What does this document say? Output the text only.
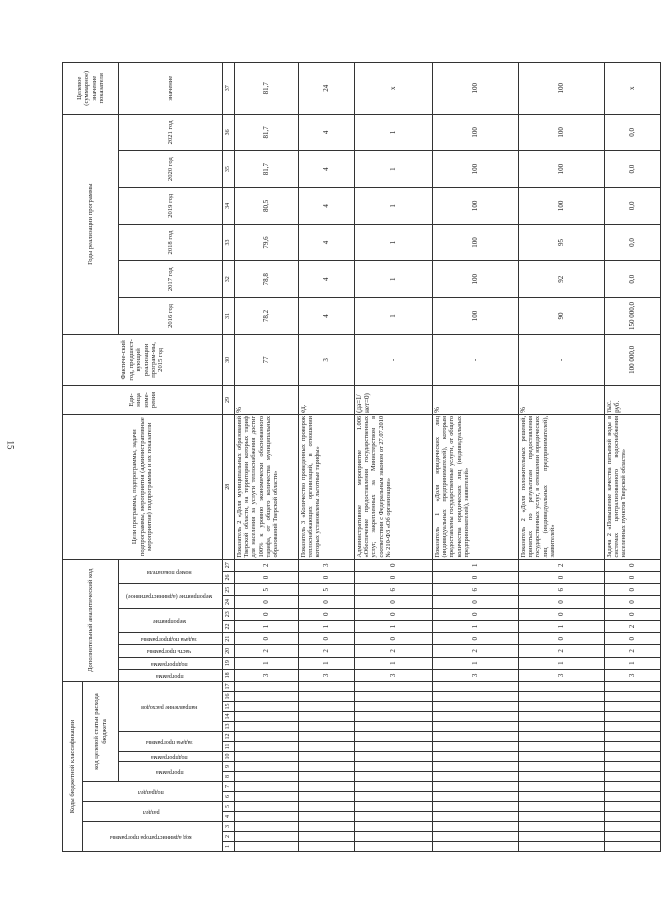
15
Коды бюджетной классификации																	Дополнительный аналитический код										Цели программы, подпрограммы, задачи подпрограммы, мероприятия (административные мероприятия) подпрограммы и их показатели	Еди-ница изме-рения	Фактиче-ский год, предшест-вующий реализации програм-мы, 2015 год	Годы реализации программы						Целевое (суммарное) значение показателя
код администратора программы			раздел		подраздел		код целевой статьи расхода бюджета																													
							программа		подпрограмма	задача программы		направление расходов					программа	подпрограмма	часть программы	задача подпрограммы	мероприятие		мероприятие (административное)		номер показателя					2016 год	2017 год	2018 год	2019 год	2020 год	2021 год	значение
1	2	3	4	5	6	7	8	9	10	11	12	13	14	15	16	17	18	19	20	21	22	23	24	25	26	27	28	29	30	31	32	33	34	35	36	37
																	3	1	2	0	1	0	0	5	0	2	Показатель 2 «Доля муниципальных образований Тверской области, на территории которых тариф для населения за услуги теплоснабжения достиг 100% к уровню экономически обоснованного тарифа, от общего количества муниципальных образований Тверской области»	%	77	78,2	78,8	79,6	80,5	81,7	81,7	81,7
																	3	1	2	0	1	0	0	5	0	3	Показатель 3 «Количество проведенных проверок теплоснабжающих организаций, в отношении которых установлены льготные тарифы»	ед.	3	4	4	4	4	4	4	24
																	3	1	2	0	1	0	0	6	0	0	Административное мероприятие 1.006 «Обеспечение предоставления государственных услуг, закрепленных за Министерством в соответствии с Федеральным законом от 27.07.2010 № 210-ФЗ «Об организации»	(да=1/ нет=0)	-	1	1	1	1	1	1	x
																	3	1	2	0	1	0	0	6	0	1	Показатель 1 «Доля юридических лиц (индивидуальных предпринимателей), которым предоставлены государственные услуги, от общего количества юридических лиц (индивидуальных предпринимателей), заявителей»	%	-	100	100	100	100	100	100	100
																	3	1	2	0	1	0	0	6	0	2	Показатель 2 «Доля положительных решений, принятых по результатам предоставления государственных услуг, в отношении юридических лиц (индивидуальных предпринимателей), заявителей»	%	-	90	92	95	100	100	100	100
																	3	1	2	0	2	0	0	0	0	0	Задача 2 «Повышение качества питьевой воды в системах централизованного водоснабжения населенных пунктов Тверской области»	тыс. руб.	100 000,0	150 000,0	0,0	0,0	0,0	0,0	0,0	x
